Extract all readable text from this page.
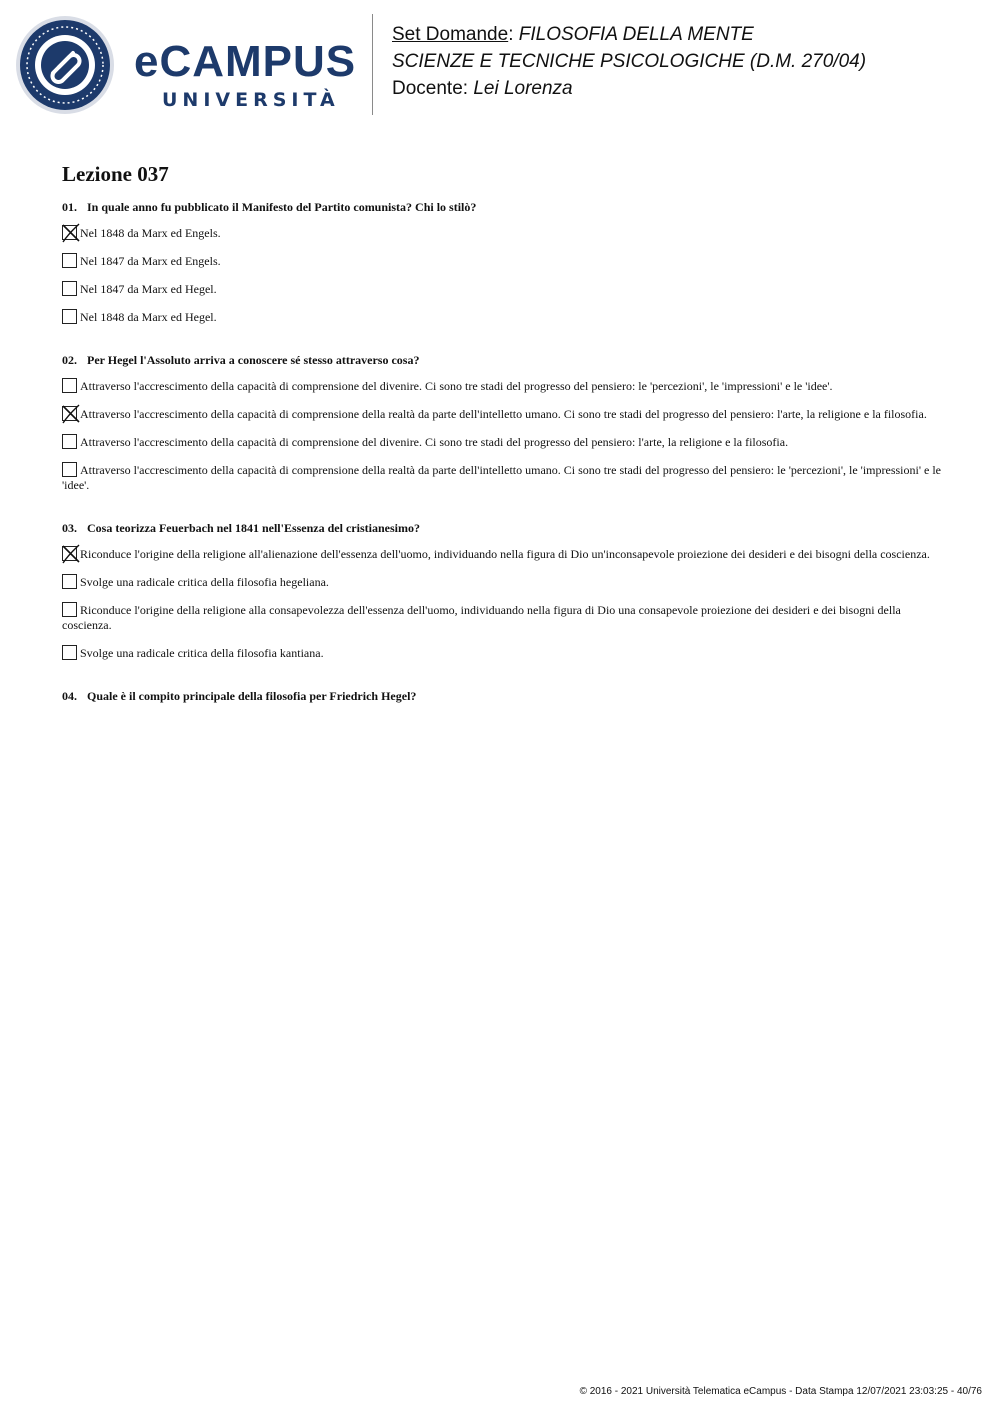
eCAMPUS
UNIVERSITÀ
Set Domande: FILOSOFIA DELLA MENTE
SCIENZE E TECNICHE PSICOLOGICHE (D.M. 270/04)
Docente: Lei Lorenza
Lezione 037
01. In quale anno fu pubblicato il Manifesto del Partito comunista? Chi lo stilò?
Nel 1848 da Marx ed Engels.
Nel 1847 da Marx ed Engels.
Nel 1847 da Marx ed Hegel.
Nel 1848 da Marx ed Hegel.
02. Per Hegel l'Assoluto arriva a conoscere sé stesso attraverso cosa?
Attraverso l'accrescimento della capacità di comprensione del divenire. Ci sono tre stadi del progresso del pensiero: le 'percezioni', le 'impressioni' e le 'idee'.
Attraverso l'accrescimento della capacità di comprensione della realtà da parte dell'intelletto umano. Ci sono tre stadi del progresso del pensiero: l'arte, la religione e la filosofia.
Attraverso l'accrescimento della capacità di comprensione del divenire. Ci sono tre stadi del progresso del pensiero: l'arte, la religione e la filosofia.
Attraverso l'accrescimento della capacità di comprensione della realtà da parte dell'intelletto umano. Ci sono tre stadi del progresso del pensiero: le 'percezioni', le 'impressioni' e le 'idee'.
03. Cosa teorizza Feuerbach nel 1841 nell'Essenza del cristianesimo?
Riconduce l'origine della religione all'alienazione dell'essenza dell'uomo, individuando nella figura di Dio un'inconsapevole proiezione dei desideri e dei bisogni della coscienza.
Svolge una radicale critica della filosofia hegeliana.
Riconduce l'origine della religione alla consapevolezza dell'essenza dell'uomo, individuando nella figura di Dio una consapevole proiezione dei desideri e dei bisogni della coscienza.
Svolge una radicale critica della filosofia kantiana.
04. Quale è il compito principale della filosofia per Friedrich Hegel?
© 2016 - 2021 Università Telematica eCampus - Data Stampa 12/07/2021 23:03:25 - 40/76
